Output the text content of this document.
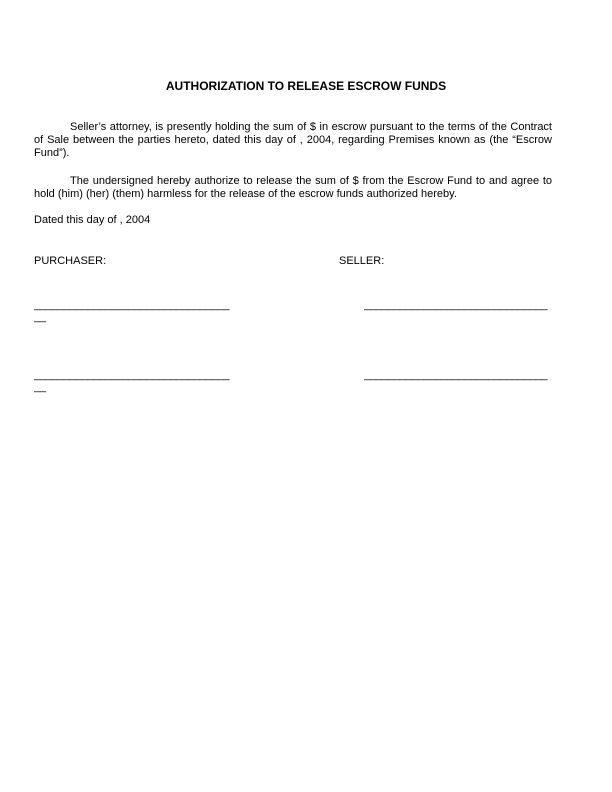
AUTHORIZATION TO RELEASE ESCROW FUNDS
Seller’s attorney, is presently holding the sum of $ in escrow pursuant to the terms of the Contract of Sale between the parties hereto, dated this day of , 2004, regarding Premises known as (the “Escrow Fund”).
The undersigned hereby authorize to release the sum of $ from the Escrow Fund to and agree to hold (him) (her) (them) harmless for the release of the escrow funds authorized hereby.
Dated this day of , 2004
PURCHASER:	SELLER:
_________________________________
__
_______________________________
_________________________________
__
_______________________________
